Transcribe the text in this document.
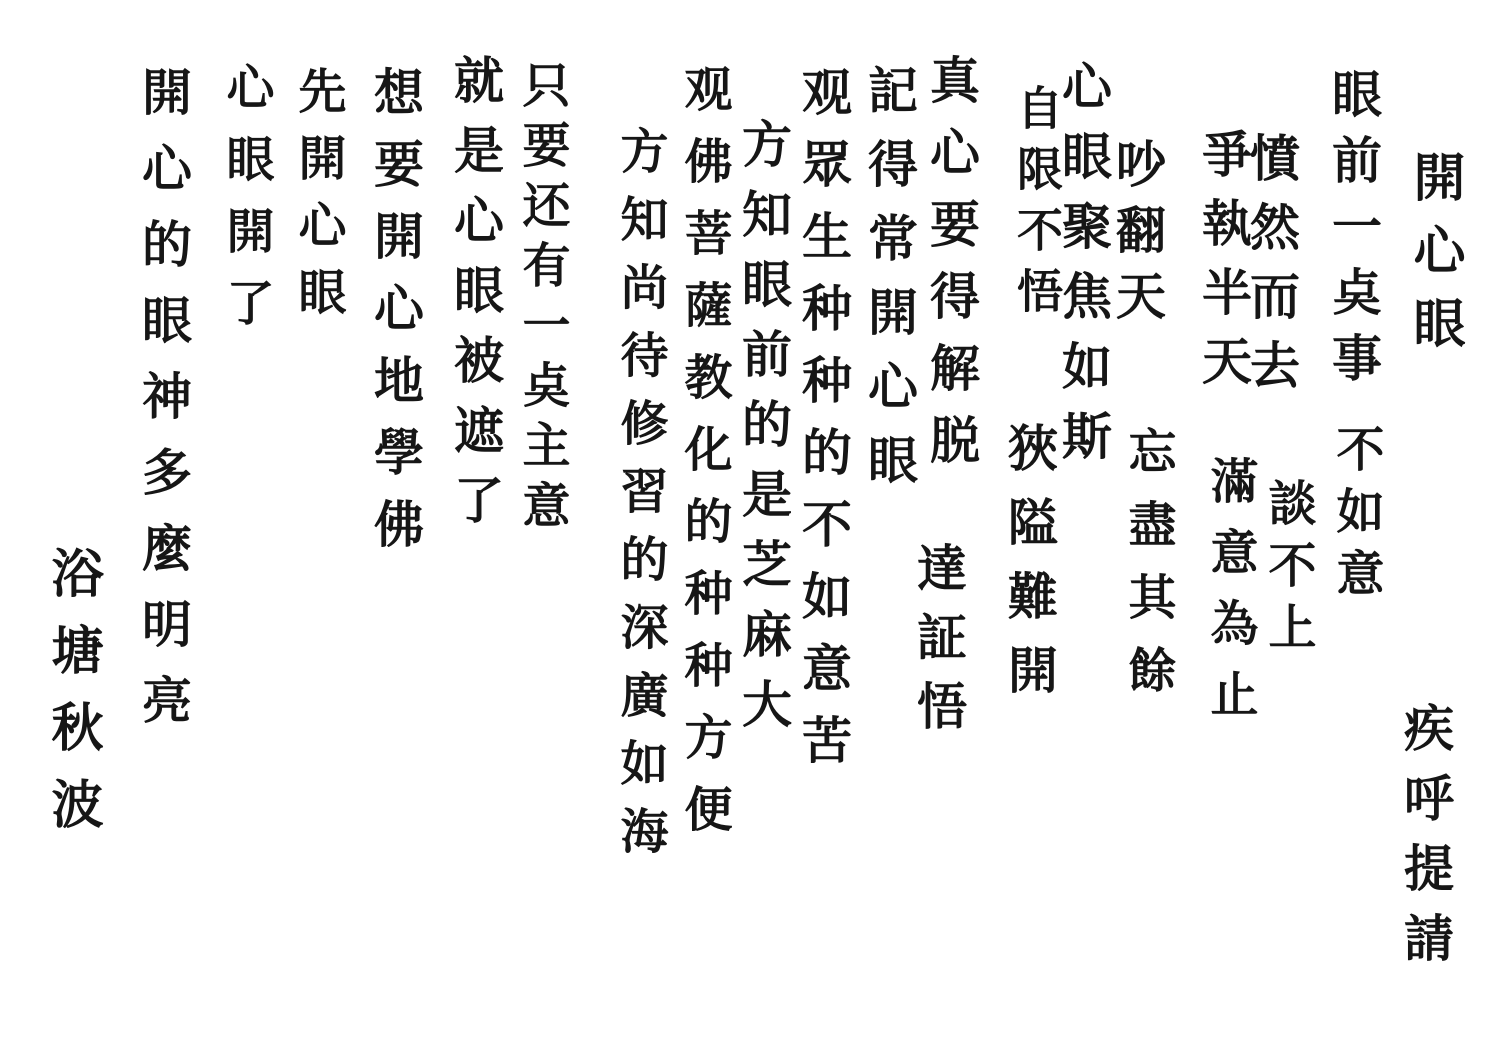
開心眼
眼前一奌事
不如意
憤然而去
談不上
爭執半天
滿意為止
吵翻天
忘盡其餘
心眼聚焦如斯
自限不悟
狹隘難開
真心要得解脱
達証悟
記得常開心眼
观眾生种种的不如意苦
方知眼前的是芝麻大
观佛菩薩教化的种种方便
方知尚待修習的深廣如海
只要还有一奌主意
就是心眼被遮了
想要開心地學佛
先開心眼
心眼開了
開心的眼神多麼明亮
疾呼提請
浴塘秋波
